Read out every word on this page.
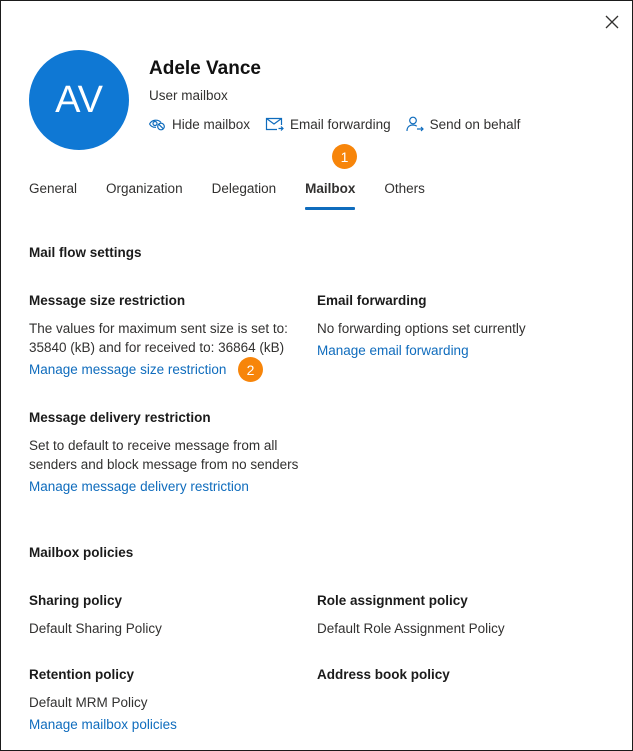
AV
Adele Vance
User mailbox
Hide mailbox	Email forwarding	Send on behalf
1
General Organization Delegation Mailbox Others
Mail flow settings
Message size restriction

The values for maximum sent size is set to: 35840 (kB) and for received to: 36864 (kB)

Manage message size restriction	2
Email forwarding

No forwarding options set currently

Manage email forwarding
Message delivery restriction

Set to default to receive message from all senders and block message from no senders

Manage message delivery restriction
Mailbox policies
Sharing policy

Default Sharing Policy

Role assignment policy

Default Role Assignment Policy

Retention policy

Default MRM Policy

Manage mailbox policies
Address book policy
